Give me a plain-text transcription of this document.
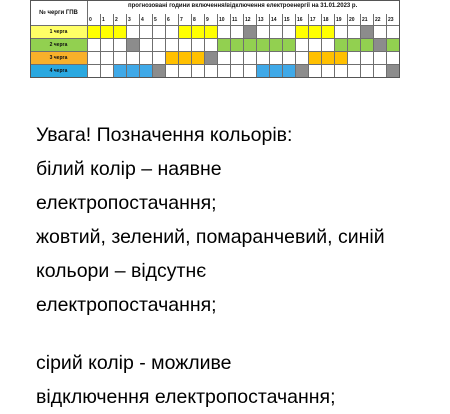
№ черги ГПВ
прогнозовані години включення/відключення електроенергії на 31.01.2023 р.
0	1	2	3	4	5	6	7	8	9	10	11	12	13	14	15	16	17	18	19	20	21	22	23
1 черга
2 черга
3 черга
4 черга
Увага! Позначення кольорів:
білий колір – наявне
електропостачання;
жовтий, зелений, помаранчевий, синій
кольори – відсутнє
електропостачання;
сірий колір - можливе
відключення електропостачання;
